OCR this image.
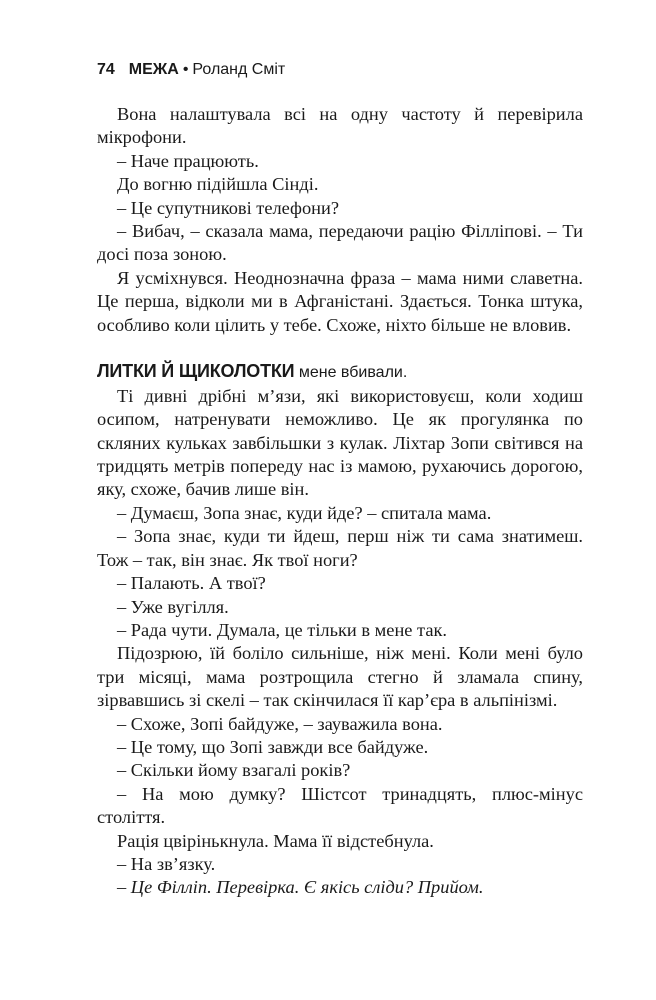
74 МЕЖА • Роланд Сміт

Вона налаштувала всі на одну частоту й перевірила мікрофони.

– Наче працюють.

До вогню підійшла Сінді.

– Це супутникові телефони?

– Вибач, – сказала мама, передаючи рацію Філліпові. – Ти досі поза зоною.

Я усміхнувся. Неоднозначна фраза – мама ними славетна. Це перша, відколи ми в Афганістані. Здається. Тонка штука, особливо коли цілить у тебе. Схоже, ніхто більше не вловив.

ЛИТКИ Й ЩИКОЛОТКИ мене вбивали.

Ті дивні дрібні м’язи, які використовуєш, коли ходиш осипом, натренувати неможливо. Це як прогулянка по скляних кульках завбільшки з кулак. Ліхтар Зопи світився на тридцять метрів попереду нас із мамою, рухаючись дорогою, яку, схоже, бачив лише він.

– Думаєш, Зопа знає, куди йде? – спитала мама.

– Зопа знає, куди ти йдеш, перш ніж ти сама знатимеш. Тож – так, він знає. Як твої ноги?

– Палають. А твої?

– Уже вугілля.

– Рада чути. Думала, це тільки в мене так.

Підозрюю, їй боліло сильніше, ніж мені. Коли мені було три місяці, мама розтрощила стегно й зламала спину, зірвавшись зі скелі – так скінчилася її кар’єра в альпінізмі.

– Схоже, Зопі байдуже, – зауважила вона.

– Це тому, що Зопі завжди все байдуже.

– Скільки йому взагалі років?

– На мою думку? Шістсот тринадцять, плюс-мінус століття.

Рація цвірінькнула. Мама її відстебнула.

– На зв’язку.

– Це Філліп. Перевірка. Є якісь сліди? Прийом.
